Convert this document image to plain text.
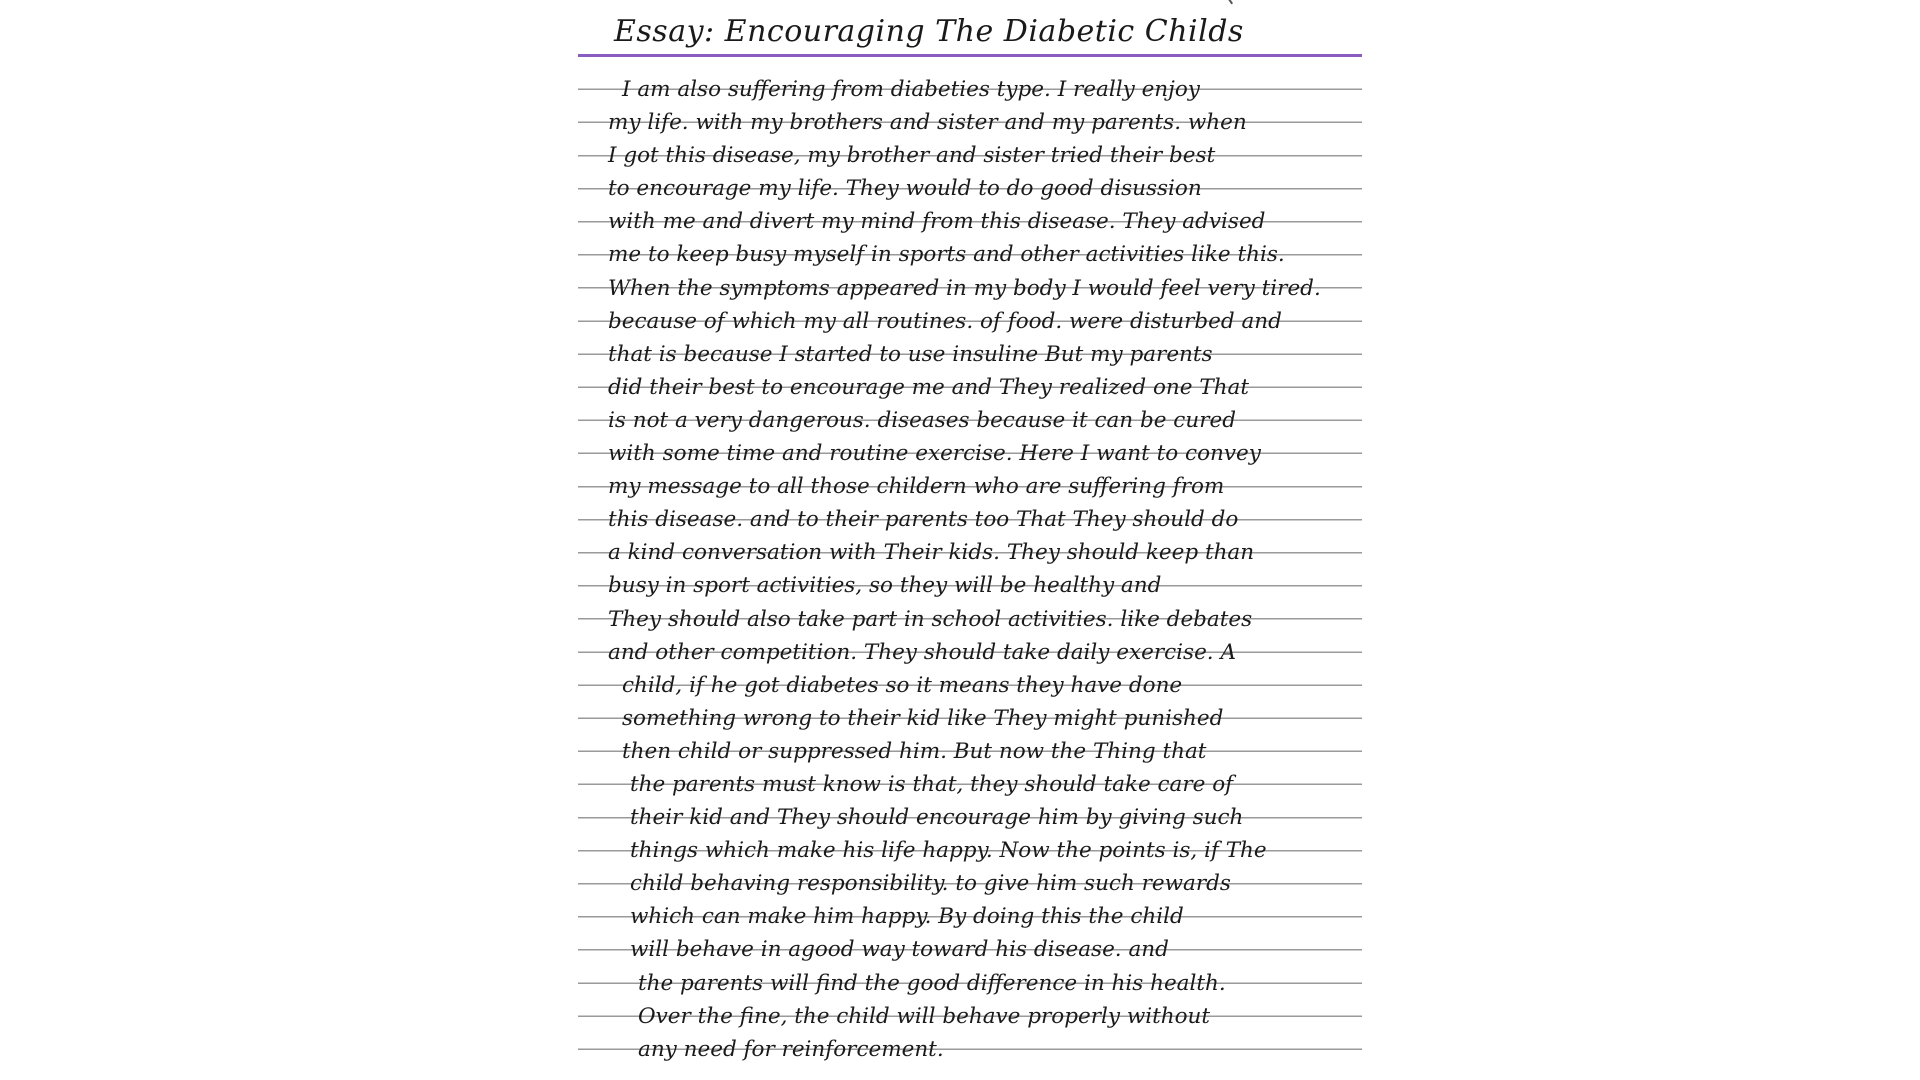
Essay: Encouraging The Diabetic Childs
I am also suffering from diabeties type. I really enjoy
my life. with my brothers and sister and my parents. when
I got this disease, my brother and sister tried their best
to encourage my life. They would to do good disussion
with me and divert my mind from this disease. They advised
me to keep busy myself in sports and other activities like this.
When the symptoms appeared in my body I would feel very tired.
because of which my all routines. of food. were disturbed and
that is because I started to use insuline But my parents
did their best to encourage me and They realized one That
is not a very dangerous. diseases because it can be cured
with some time and routine exercise. Here I want to convey
my message to all those childern who are suffering from
this disease. and to their parents too That They should do
a kind conversation with Their kids. They should keep than
busy in sport activities, so they will be healthy and
They should also take part in school activities. like debates
and other competition. They should take daily exercise. A
child, if he got diabetes so it means they have done
something wrong to their kid like They might punished
then child or suppressed him. But now the Thing that
the parents must know is that, they should take care of
their kid and They should encourage him by giving such
things which make his life happy. Now the points is, if The
child behaving responsibility. to give him such rewards
which can make him happy. By doing this the child
will behave in agood way toward his disease. and
the parents will find the good difference in his health.
Over the fine, the child will behave properly without
any need for reinforcement.
